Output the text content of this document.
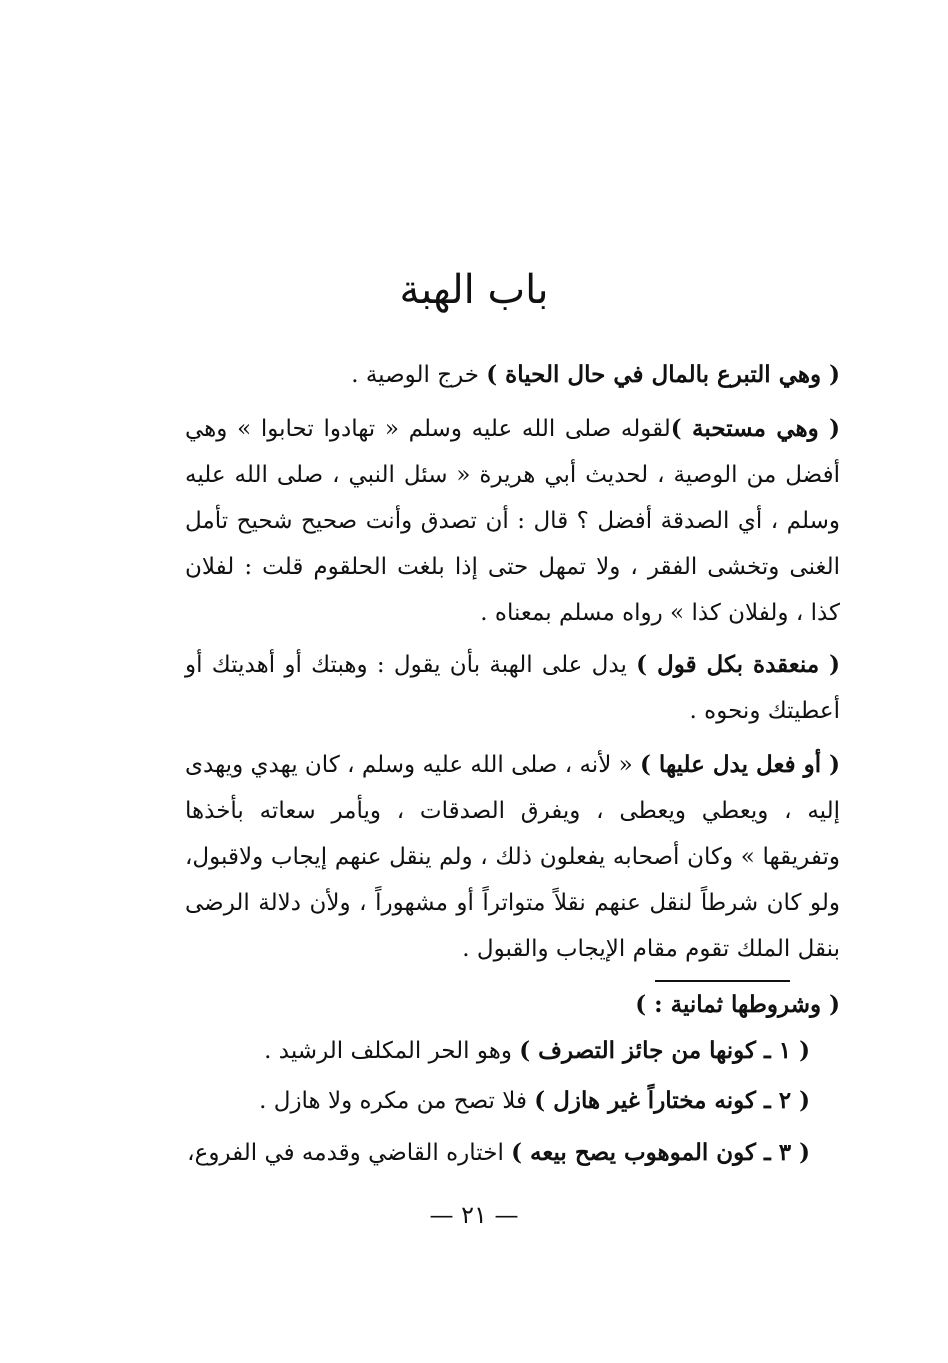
باب الهبة

( وهي التبرع بالمال في حال الحياة ) خرج الوصية .

( وهي مستحبة )لقوله صلى الله عليه وسلم « تهادوا تحابوا » وهي أفضل من الوصية ، لحديث أبي هريرة « سئل النبي ، صلى الله عليه وسلم ، أي الصدقة أفضل ؟ قال : أن تصدق وأنت صحيح شحيح تأمل الغنى وتخشى الفقر ، ولا تمهل حتى إذا بلغت الحلقوم قلت : لفلان كذا ، ولفلان كذا » رواه مسلم بمعناه .

( منعقدة بكل قول ) يدل على الهبة بأن يقول : وهبتك أو أهديتك أو أعطيتك ونحوه .

( أو فعل يدل عليها ) « لأنه ، صلى الله عليه وسلم ، كان يهدي ويهدى إليه ، ويعطي ويعطى ، ويفرق الصدقات ، ويأمر سعاته بأخذها وتفريقها » وكان أصحابه يفعلون ذلك ، ولم ينقل عنهم إيجاب ولاقبول، ولو كان شرطاً لنقل عنهم نقلاً متواتراً أو مشهوراً ، ولأن دلالة الرضى بنقل الملك تقوم مقام الإيجاب والقبول .

( وشروطها ثمانية : )

( ١ ـ كونها من جائز التصرف ) وهو الحر المكلف الرشيد .

( ٢ ـ كونه مختاراً غير هازل ) فلا تصح من مكره ولا هازل .

( ٣ ـ كون الموهوب يصح بيعه ) اختاره القاضي وقدمه في الفروع،

— ٢١ —
